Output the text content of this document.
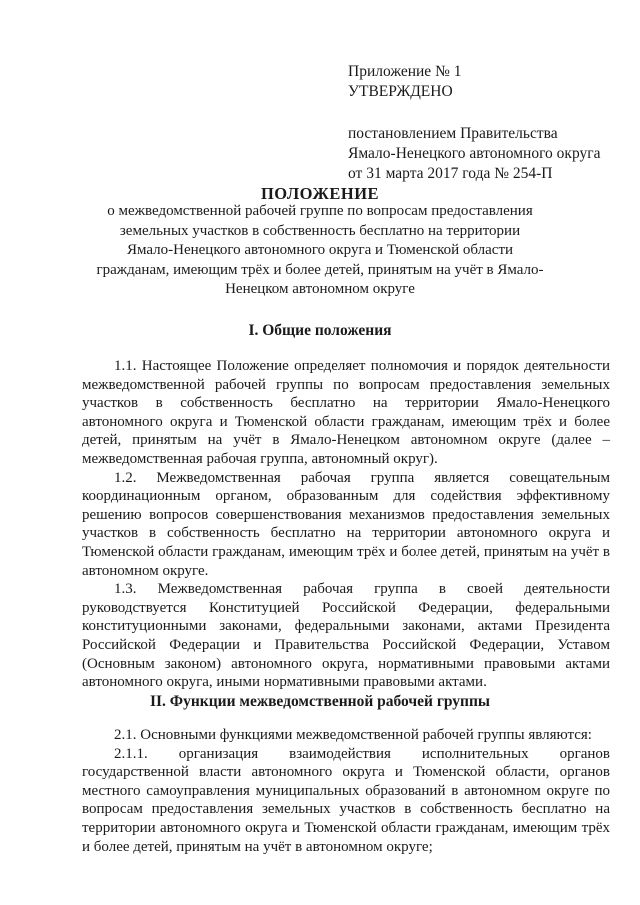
Приложение № 1
УТВЕРЖДЕНО
постановлением Правительства
Ямало-Ненецкого автономного округа
от 31 марта 2017 года № 254-П
ПОЛОЖЕНИЕ
о межведомственной рабочей группе по вопросам предоставления земельных участков в собственность бесплатно на территории Ямало-Ненецкого автономного округа и Тюменской области гражданам, имеющим трёх и более детей, принятым на учёт в Ямало-Ненецком автономном округе
I. Общие положения

1.1. Настоящее Положение определяет полномочия и порядок деятельности межведомственной рабочей группы по вопросам предоставления земельных участков в собственность бесплатно на территории Ямало-Ненецкого автономного округа и Тюменской области гражданам, имеющим трёх и более детей, принятым на учёт в Ямало-Ненецком автономном округе (далее – межведомственная рабочая группа, автономный округ).

1.2. Межведомственная рабочая группа является совещательным координационным органом, образованным для содействия эффективному решению вопросов совершенствования механизмов предоставления земельных участков в собственность бесплатно на территории автономного округа и Тюменской области гражданам, имеющим трёх и более детей, принятым на учёт в автономном округе.

1.3. Межведомственная рабочая группа в своей деятельности руководствуется Конституцией Российской Федерации, федеральными конституционными законами, федеральными законами, актами Президента Российской Федерации и Правительства Российской Федерации, Уставом (Основным законом) автономного округа, нормативными правовыми актами автономного округа, иными нормативными правовыми актами.

II. Функции межведомственной рабочей группы

2.1. Основными функциями межведомственной рабочей группы являются:

2.1.1. организация взаимодействия исполнительных органов государственной власти автономного округа и Тюменской области, органов местного самоуправления муниципальных образований в автономном округе по вопросам предоставления земельных участков в собственность бесплатно на территории автономного округа и Тюменской области гражданам, имеющим трёх и более детей, принятым на учёт в автономном округе;
